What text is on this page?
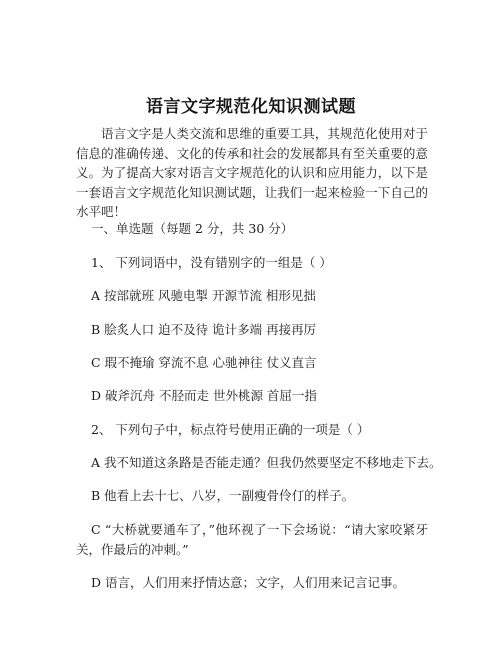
语言文字规范化知识测试题

语言文字是人类交流和思维的重要工具，其规范化使用对于信息的准确传递、文化的传承和社会的发展都具有至关重要的意义。为了提高大家对语言文字规范化的认识和应用能力，以下是一套语言文字规范化知识测试题，让我们一起来检验一下自己的水平吧！

一、单选题（每题 2 分，共 30 分）

1、 下列词语中，没有错别字的一组是（ ）

A 按部就班 风驰电掣 开源节流 相形见拙

B 脍炙人口 迫不及待 诡计多端 再接再厉

C 瑕不掩瑜 穿流不息 心驰神往 仗义直言

D 破斧沉舟 不胫而走 世外桃源 首屈一指

2、 下列句子中，标点符号使用正确的一项是（ ）

A 我不知道这条路是否能走通？但我仍然要坚定不移地走下去。

B 他看上去十七、八岁，一副瘦骨伶仃的样子。

C “大桥就要通车了，”他环视了一下会场说：“请大家咬紧牙关，作最后的冲刺。”

D 语言，人们用来抒情达意；文字，人们用来记言记事。
